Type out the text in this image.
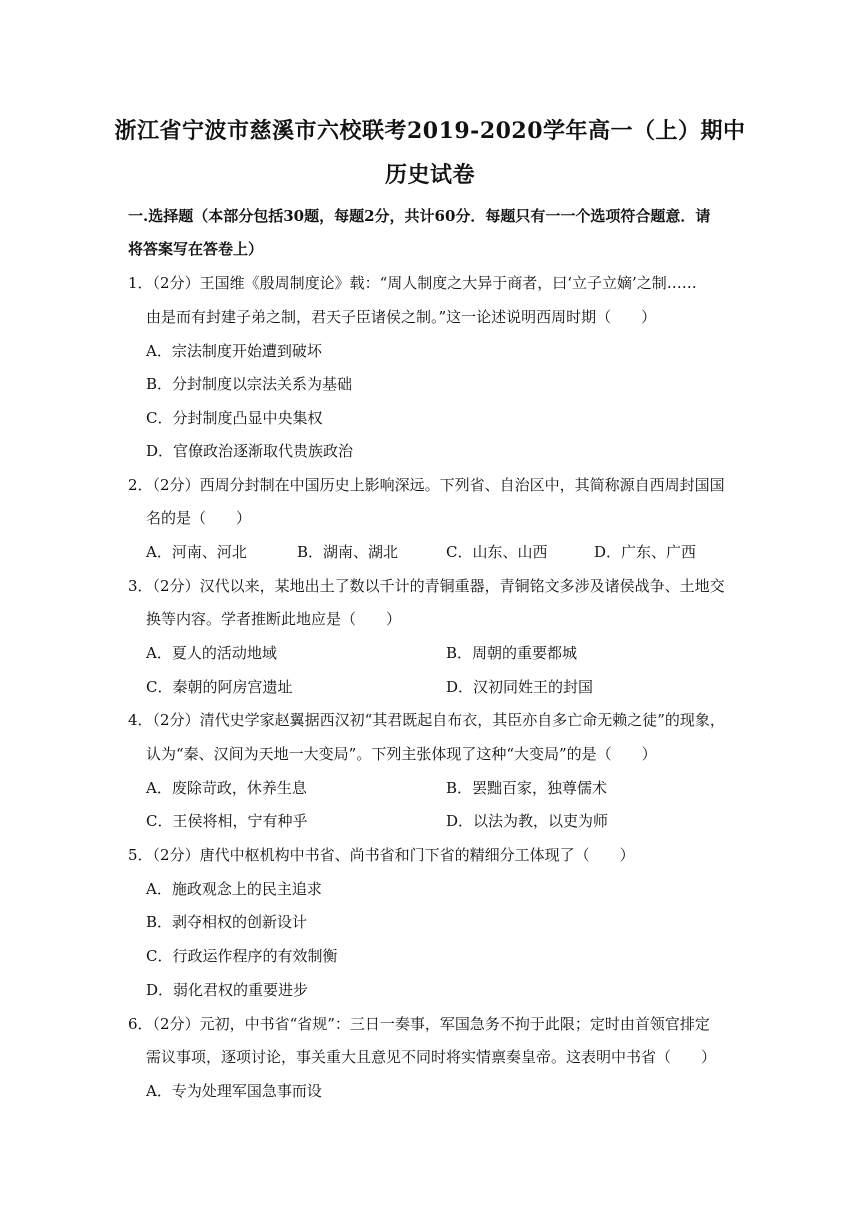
浙江省宁波市慈溪市六校联考2019-2020学年高一（上）期中
历史试卷
一.选择题（本部分包括30题，每题2分，共计60分．每题只有一一个选项符合题意．请
将答案写在答卷上）
1．（2分）王国维《殷周制度论》载：“周人制度之大异于商者，曰‘立子立嫡’之制……
由是而有封建子弟之制，君天子臣诸侯之制。”这一论述说明西周时期（　　）
A．宗法制度开始遭到破坏
B．分封制度以宗法关系为基础
C．分封制度凸显中央集权
D．官僚政治逐渐取代贵族政治
2．（2分）西周分封制在中国历史上影响深远。下列省、自治区中，其简称源自西周封国国
名的是（　　）
A．河南、河北	B．湖南、湖北	C．山东、山西	D．广东、广西
3．（2分）汉代以来，某地出土了数以千计的青铜重器，青铜铭文多涉及诸侯战争、土地交
换等内容。学者推断此地应是（　　）
A．夏人的活动地域	B．周朝的重要都城
C．秦朝的阿房宫遗址	D．汉初同姓王的封国
4．（2分）清代史学家赵翼据西汉初“其君既起自布衣，其臣亦自多亡命无赖之徒”的现象，
认为“秦、汉间为天地一大变局”。下列主张体现了这种“大变局”的是（　　）
A．废除苛政，休养生息	B．罢黜百家，独尊儒术
C．王侯将相，宁有种乎	D．以法为教，以吏为师
5．（2分）唐代中枢机构中书省、尚书省和门下省的精细分工体现了（　　）
A．施政观念上的民主追求
B．剥夺相权的创新设计
C．行政运作程序的有效制衡
D．弱化君权的重要进步
6．（2分）元初，中书省“省规”：三日一奏事，军国急务不拘于此限；定时由首领官排定
需议事项，逐项讨论，事关重大且意见不同时将实情禀奏皇帝。这表明中书省（　　）
A．专为处理军国急事而设
